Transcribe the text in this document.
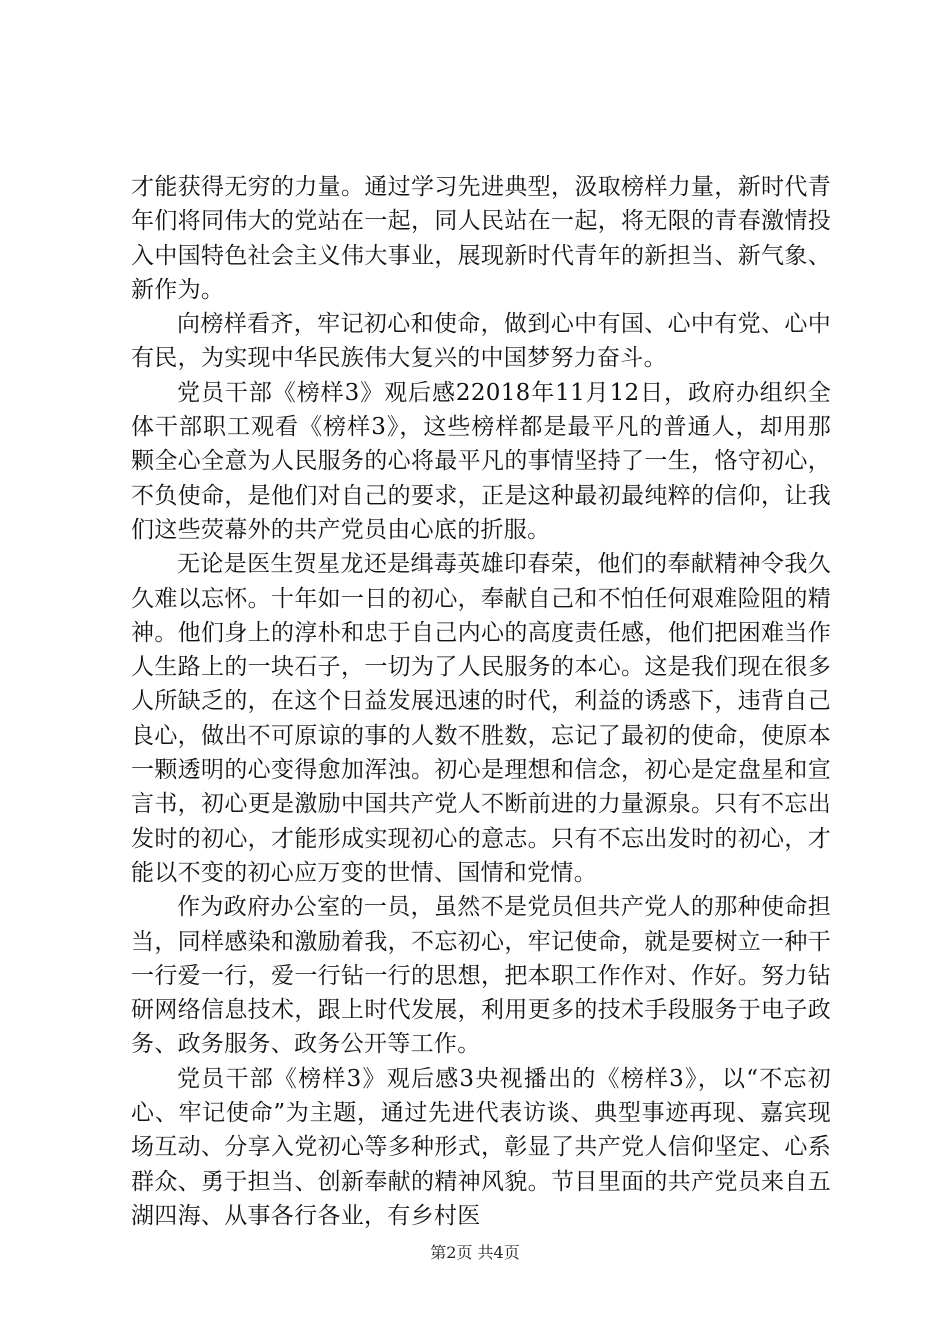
才能获得无穷的力量。通过学习先进典型，汲取榜样力量，新时代青年们将同伟大的党站在一起，同人民站在一起，将无限的青春激情投入中国特色社会主义伟大事业，展现新时代青年的新担当、新气象、新作为。

向榜样看齐，牢记初心和使命，做到心中有国、心中有党、心中有民，为实现中华民族伟大复兴的中国梦努力奋斗。

党员干部《榜样3》观后感22018年11月12日，政府办组织全体干部职工观看《榜样3》，这些榜样都是最平凡的普通人，却用那颗全心全意为人民服务的心将最平凡的事情坚持了一生，恪守初心，不负使命，是他们对自己的要求，正是这种最初最纯粹的信仰，让我们这些荧幕外的共产党员由心底的折服。

无论是医生贺星龙还是缉毒英雄印春荣，他们的奉献精神令我久久难以忘怀。十年如一日的初心，奉献自己和不怕任何艰难险阻的精神。他们身上的淳朴和忠于自己内心的高度责任感，他们把困难当作人生路上的一块石子，一切为了人民服务的本心。这是我们现在很多人所缺乏的，在这个日益发展迅速的时代，利益的诱惑下，违背自己良心，做出不可原谅的事的人数不胜数，忘记了最初的使命，使原本一颗透明的心变得愈加浑浊。初心是理想和信念，初心是定盘星和宣言书，初心更是激励中国共产党人不断前进的力量源泉。只有不忘出发时的初心，才能形成实现初心的意志。只有不忘出发时的初心，才能以不变的初心应万变的世情、国情和党情。

作为政府办公室的一员，虽然不是党员但共产党人的那种使命担当，同样感染和激励着我，不忘初心，牢记使命，就是要树立一种干一行爱一行，爱一行钻一行的思想，把本职工作作对、作好。努力钻研网络信息技术，跟上时代发展，利用更多的技术手段服务于电子政务、政务服务、政务公开等工作。

党员干部《榜样3》观后感3央视播出的《榜样3》，以“不忘初心、牢记使命”为主题，通过先进代表访谈、典型事迹再现、嘉宾现场互动、分享入党初心等多种形式，彰显了共产党人信仰坚定、心系群众、勇于担当、创新奉献的精神风貌。节目里面的共产党员来自五湖四海、从事各行各业，有乡村医

第2页 共4页
